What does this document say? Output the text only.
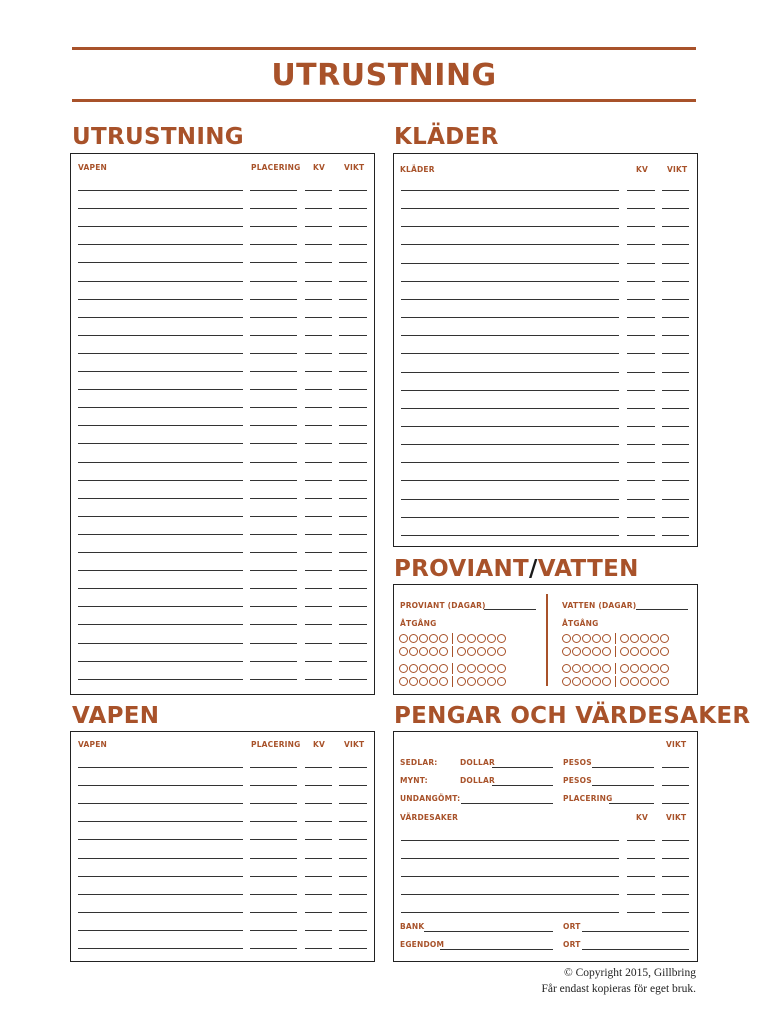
UTRUSTNING
UTRUSTNING	KLÄDER
PROVIANT/VATTEN
VAPEN	PENGAR OCH VÄRDESAKER
VAPEN	PLACERING KV	VIKT	KLÄDER	KV	VIKT
VAPEN	PLACERING KV	VIKT
PROVIANT (DAGAR)
ÅTGÅNG
VATTEN (DAGAR)
ÅTGÅNG
VIKT
SEDLAR:	DOLLAR	PESOS
MYNT:	DOLLAR	PESOS
UNDANGÖMT:	PLACERING
VÄRDESAKER	KV VIKT
BANK	ORT
EGENDOM	ORT
© Copyright 2015, Gillbring
Får endast kopieras för eget bruk.
